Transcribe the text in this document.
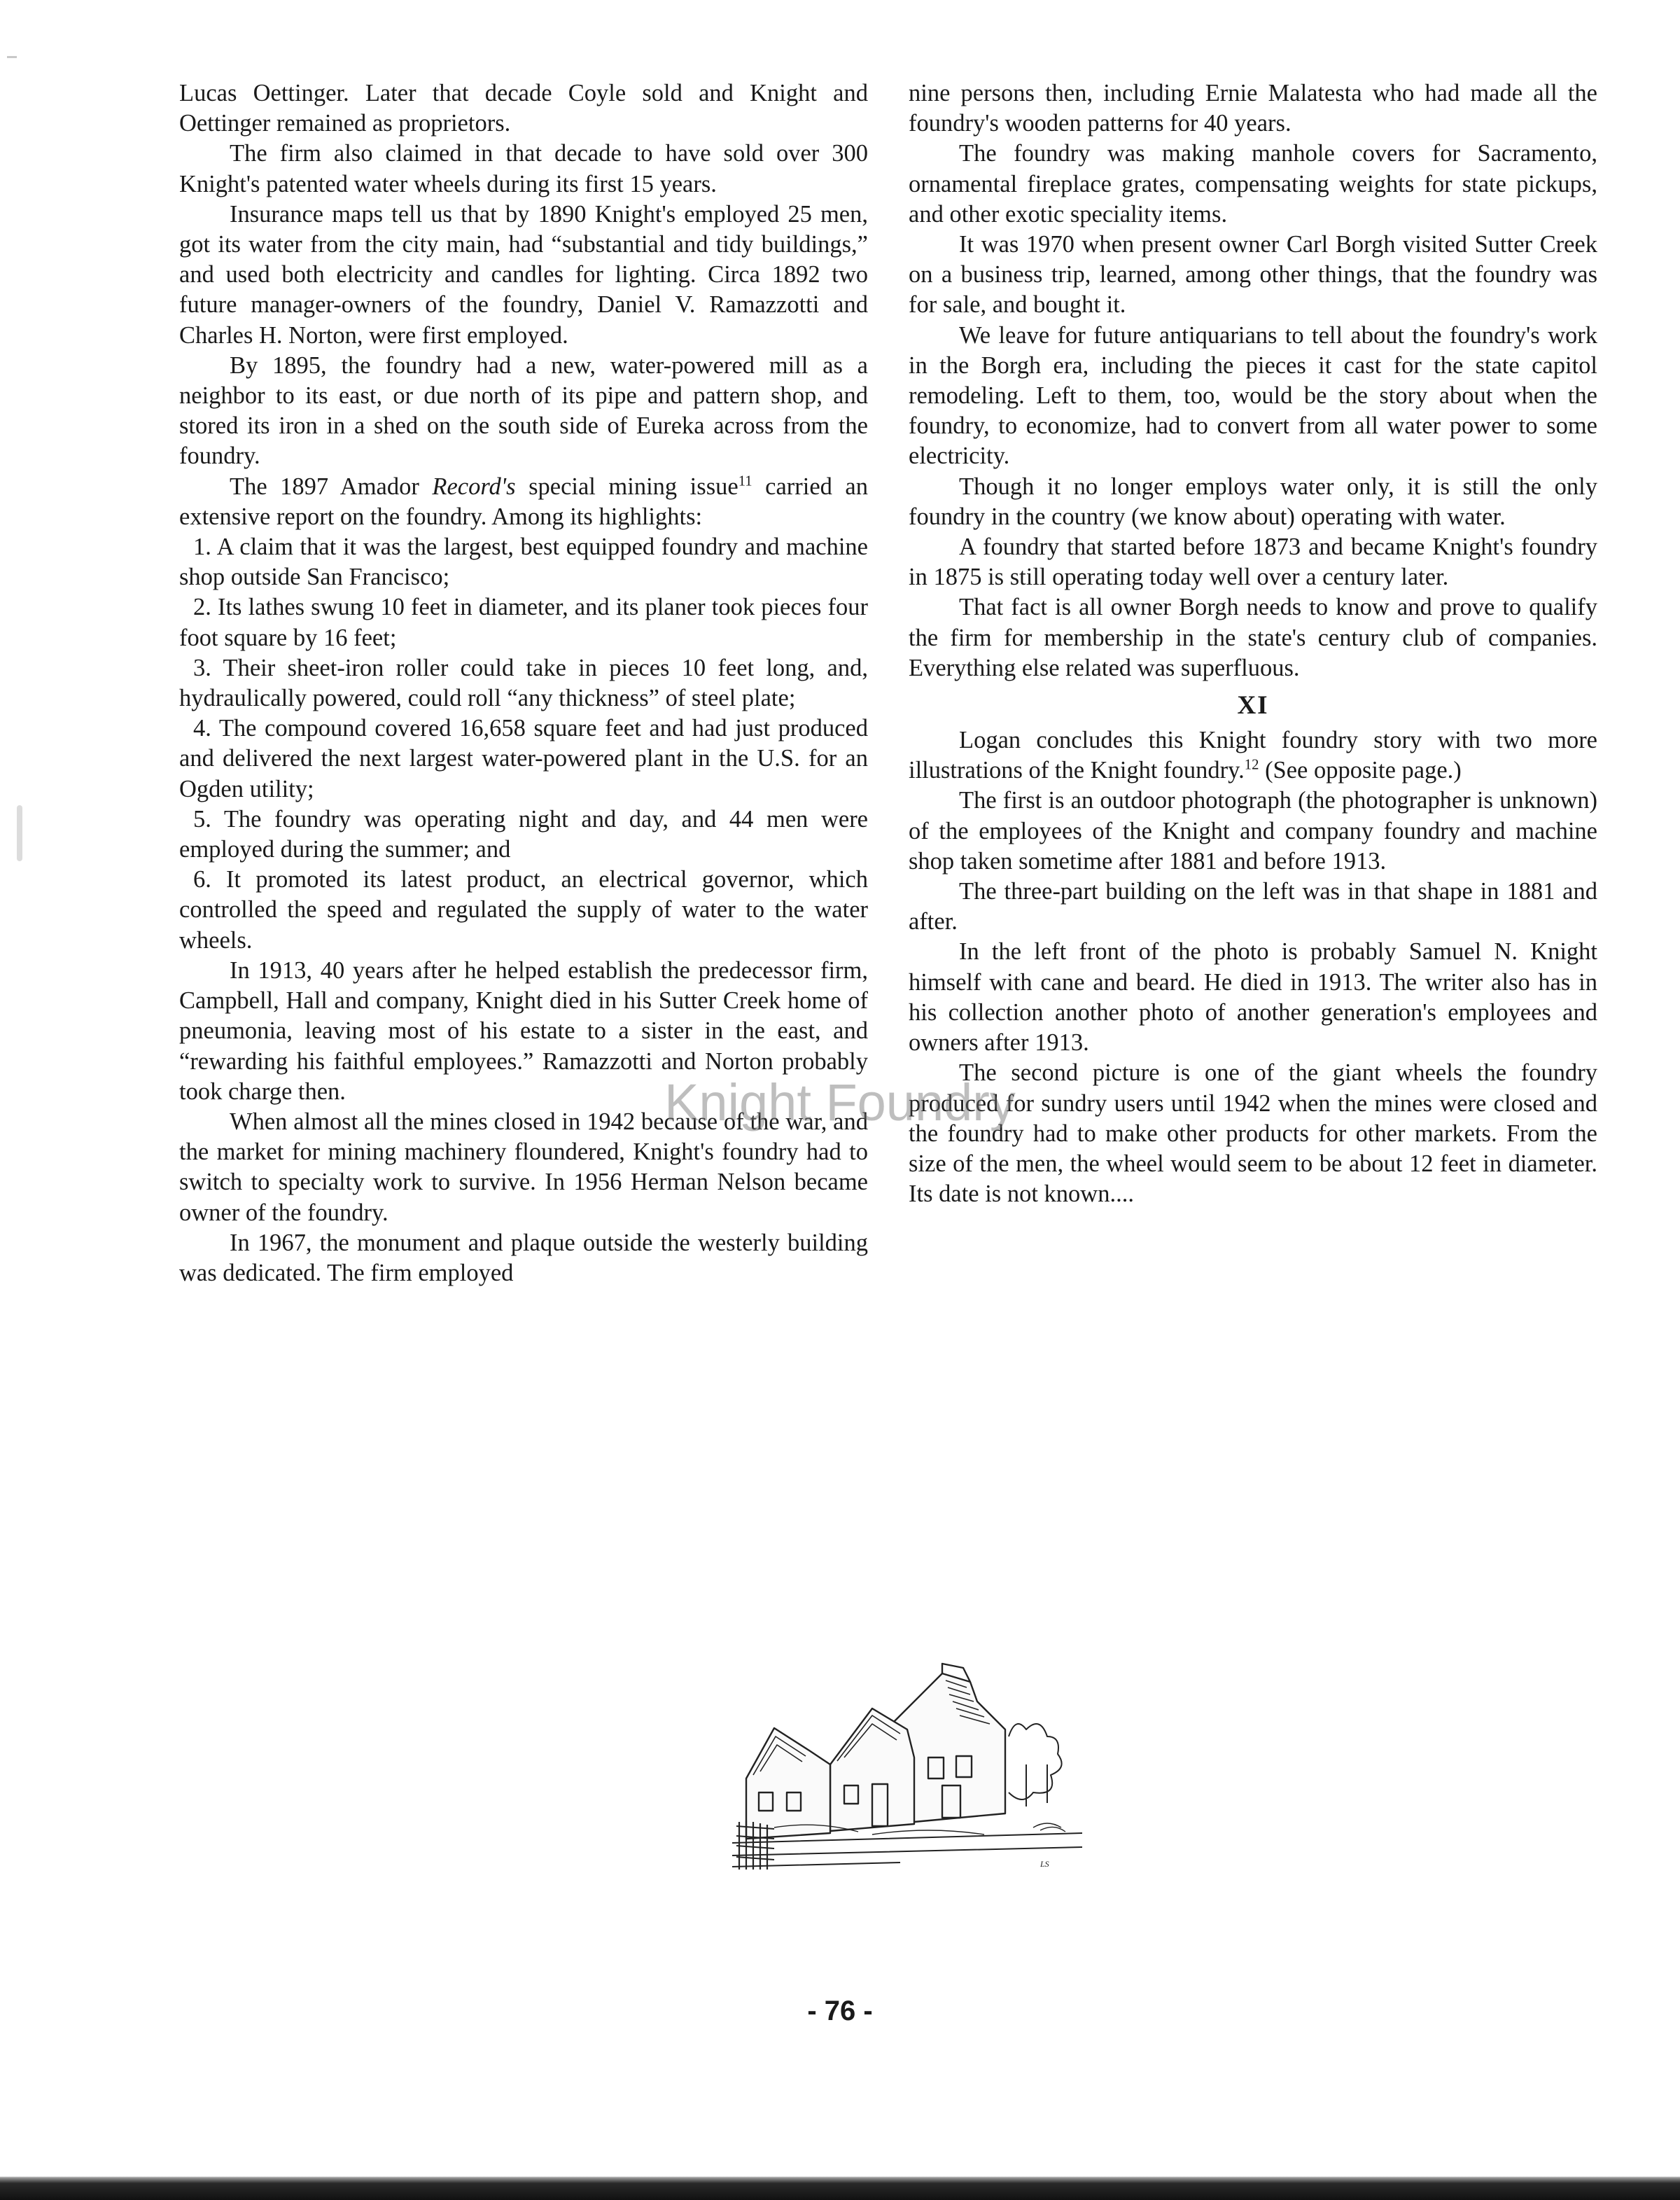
Lucas Oettinger. Later that decade Coyle sold and Knight and Oettinger remained as proprietors.

The firm also claimed in that decade to have sold over 300 Knight's patented water wheels during its first 15 years.

Insurance maps tell us that by 1890 Knight's employed 25 men, got its water from the city main, had “substantial and tidy buildings,” and used both electricity and candles for lighting. Circa 1892 two future manager-owners of the foundry, Daniel V. Ramazzotti and Charles H. Norton, were first employed.

By 1895, the foundry had a new, water-powered mill as a neighbor to its east, or due north of its pipe and pattern shop, and stored its iron in a shed on the south side of Eureka across from the foundry.

The 1897 Amador Record's special mining issue$^{11}$ carried an extensive report on the foundry. Among its highlights:

1. A claim that it was the largest, best equipped foundry and machine shop outside San Francisco;

2. Its lathes swung 10 feet in diameter, and its planer took pieces four foot square by 16 feet;

3. Their sheet-iron roller could take in pieces 10 feet long, and, hydraulically powered, could roll “any thickness” of steel plate;

4. The compound covered 16,658 square feet and had just produced and delivered the next largest water-powered plant in the U.S. for an Ogden utility;

5. The foundry was operating night and day, and 44 men were employed during the summer; and

6. It promoted its latest product, an electrical governor, which controlled the speed and regulated the supply of water to the water wheels.

In 1913, 40 years after he helped establish the predecessor firm, Campbell, Hall and company, Knight died in his Sutter Creek home of pneumonia, leaving most of his estate to a sister in the east, and “rewarding his faithful employees.” Ramazzotti and Norton probably took charge then.

When almost all the mines closed in 1942 because of the war, and the market for mining machinery floundered, Knight's foundry had to switch to specialty work to survive. In 1956 Herman Nelson became owner of the foundry.

In 1967, the monument and plaque outside the westerly building was dedicated. The firm employed

nine persons then, including Ernie Malatesta who had made all the foundry's wooden patterns for 40 years.

The foundry was making manhole covers for Sacramento, ornamental fireplace grates, compensating weights for state pickups, and other exotic speciality items.

It was 1970 when present owner Carl Borgh visited Sutter Creek on a business trip, learned, among other things, that the foundry was for sale, and bought it.

We leave for future antiquarians to tell about the foundry's work in the Borgh era, including the pieces it cast for the state capitol remodeling. Left to them, too, would be the story about when the foundry, to economize, had to convert from all water power to some electricity.

Though it no longer employs water only, it is still the only foundry in the country (we know about) operating with water.

A foundry that started before 1873 and became Knight's foundry in 1875 is still operating today well over a century later.

That fact is all owner Borgh needs to know and prove to qualify the firm for membership in the state's century club of companies. Everything else related was superfluous.

XI

Logan concludes this Knight foundry story with two more illustrations of the Knight foundry.$^{12}$ (See opposite page.)

The first is an outdoor photograph (the photographer is unknown) of the employees of the Knight and company foundry and machine shop taken sometime after 1881 and before 1913.

The three-part building on the left was in that shape in 1881 and after.

In the left front of the photo is probably Samuel N. Knight himself with cane and beard. He died in 1913. The writer also has in his collection another photo of another generation's employees and owners after 1913.

The second picture is one of the giant wheels the foundry produced for sundry users until 1942 when the mines were closed and the foundry had to make other products for other markets. From the size of the men, the wheel would seem to be about 12 feet in diameter. Its date is not known....

Knight Foundry
LS
- 76 -
